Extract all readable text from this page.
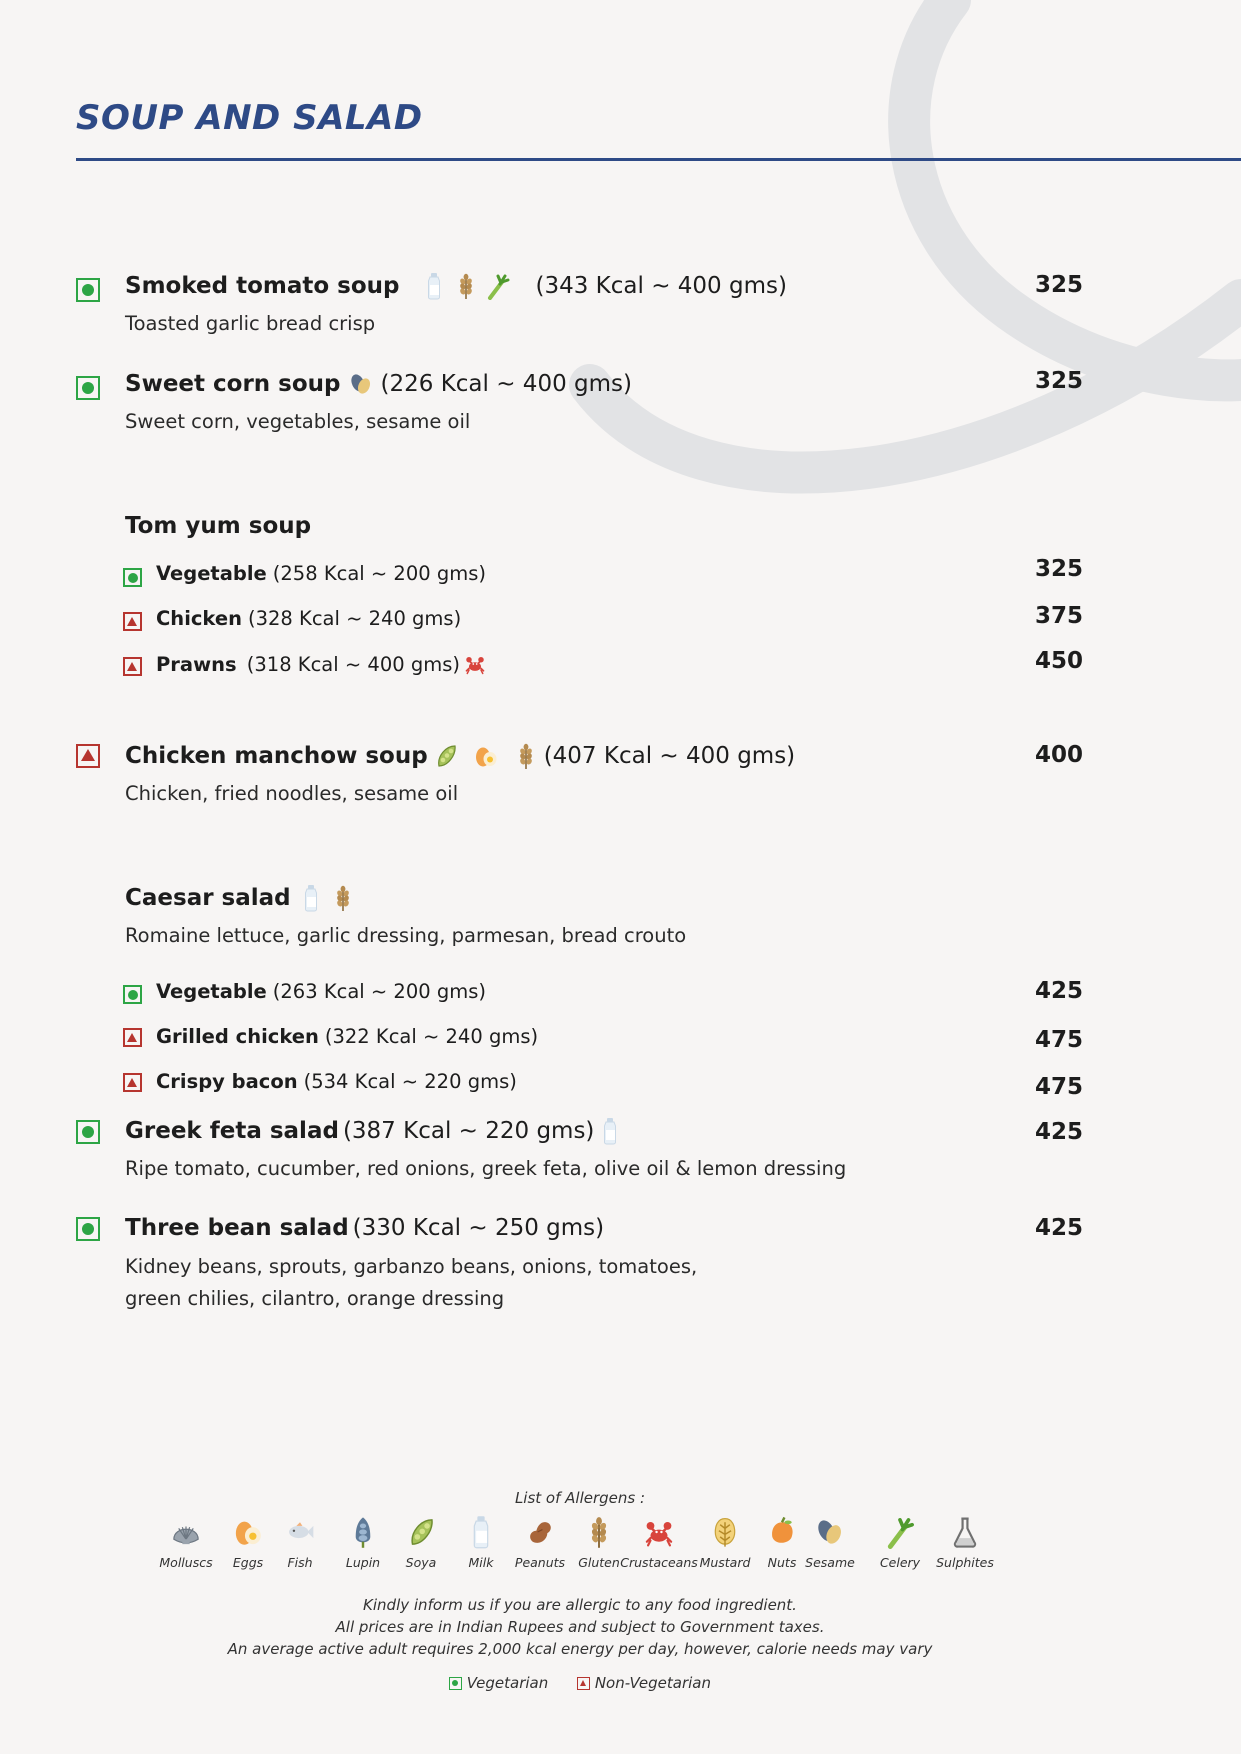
SOUP AND SALAD
Smoked tomato soup	(343 Kcal ~ 400 gms)
Toasted garlic bread crisp
325
Sweet corn soup (226 Kcal ~ 400 gms)
Sweet corn, vegetables, sesame oil
325
Tom yum soup
Vegetable (258 Kcal ~ 200 gms)	325
Chicken (328 Kcal ~ 240 gms)	375
Prawns (318 Kcal ~ 400 gms)	450
Chicken manchow soup	(407 Kcal ~ 400 gms)
Chicken, fried noodles, sesame oil
400
Caesar salad
Romaine lettuce, garlic dressing, parmesan, bread crouto
Vegetable (263 Kcal ~ 200 gms)	425
Grilled chicken (322 Kcal ~ 240 gms)	475
Crispy bacon (534 Kcal ~ 220 gms)	475
Greek feta salad (387 Kcal ~ 220 gms)
Ripe tomato, cucumber, red onions, greek feta, olive oil & lemon dressing
425
Three bean salad (330 Kcal ~ 250 gms)
Kidney beans, sprouts, garbanzo beans, onions, tomatoes,
green chilies, cilantro, orange dressing
425
List of Allergens :
Molluscs	Eggs	Fish	Lupin	Soya	Milk	Peanuts	Gluten Crustaceans Mustard	Nuts Sesame	Celery	Sulphites
Kindly inform us if you are allergic to any food ingredient.
All prices are in Indian Rupees and subject to Government taxes.
An average active adult requires 2,000 kcal energy per day, however, calorie needs may vary
Vegetarian	Non-Vegetarian
